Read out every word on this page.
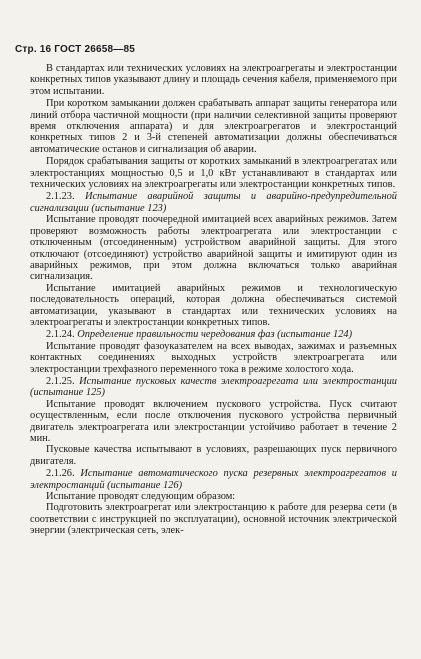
Стр. 16 ГОСТ 26658—85

В стандартах или технических условиях на электроагрегаты и электростанции конкретных типов указывают длину и площадь сечения кабеля, применяемого при этом испытании.

При коротком замыкании должен срабатывать аппарат защиты генератора или линий отбора частичной мощности (при наличии селективной защиты проверяют время отключения аппарата) и для электроагрегатов и электростанций конкретных типов 2 и 3-й степеней автоматизации должны обеспечиваться автоматические останов и сигнализация об аварии.

Порядок срабатывания защиты от коротких замыканий в электроагрегатах или электростанциях мощностью 0,5 и 1,0 кВт устанавливают в стандартах или технических условиях на электроагрегаты или электростанции конкретных типов.

2.1.23. Испытание аварийной защиты и аварийно-предупредительной сигнализации (испытание 123)

Испытание проводят поочередной имитацией всех аварийных режимов. Затем проверяют возможность работы электроагрегата или электростанции с отключенным (отсоединенным) устройством аварийной защиты. Для этого отключают (отсоединяют) устройство аварийной защиты и имитируют один из аварийных режимов, при этом должна включаться только аварийная сигнализация.

Испытание имитацией аварийных режимов и технологическую последовательность операций, которая должна обеспечиваться системой автоматизации, указывают в стандартах или технических условиях на электроагрегаты и электростанции конкретных типов.

2.1.24. Определение правильности чередования фаз (испытание 124)

Испытание проводят фазоуказателем на всех выводах, зажимах и разъемных контактных соединениях выходных устройств электроагрегата или электростанции трехфазного переменного тока в режиме холостого хода.

2.1.25. Испытание пусковых качеств электроагрегата или электростанции (испытание 125)

Испытание проводят включением пускового устройства. Пуск считают осуществленным, если после отключения пускового устройства первичный двигатель электроагрегата или электростанции устойчиво работает в течение 2 мин.

Пусковые качества испытывают в условиях, разрешающих пуск первичного двигателя.

2.1.26. Испытание автоматического пуска резервных электроагрегатов и электростанций (испытание 126)

Испытание проводят следующим образом:

Подготовить электроагрегат или электростанцию к работе для резерва сети (в соответствии с инструкцией по эксплуатации), основной источник электрической энергии (электрическая сеть, элек-
